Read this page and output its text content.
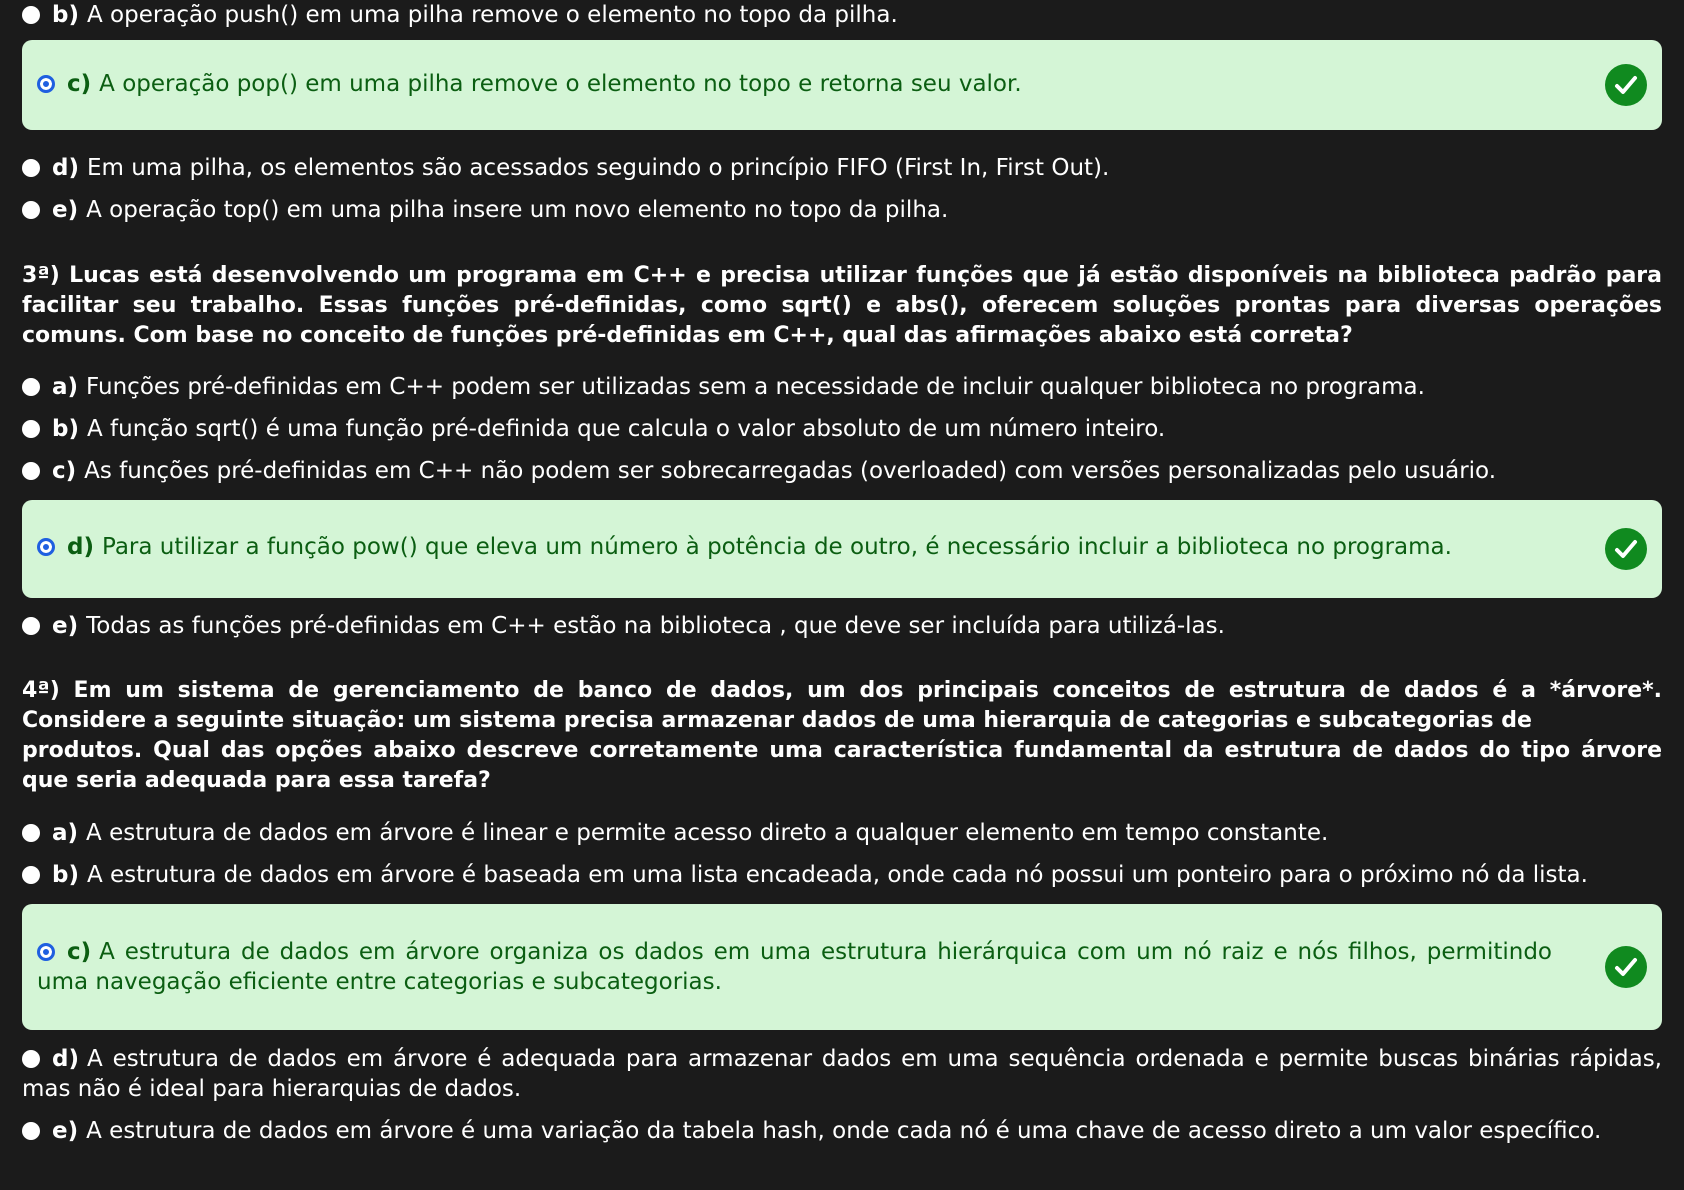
b) A operação push() em uma pilha remove o elemento no topo da pilha.
c) A operação pop() em uma pilha remove o elemento no topo e retorna seu valor.
d) Em uma pilha, os elementos são acessados seguindo o princípio FIFO (First In, First Out).
e) A operação top() em uma pilha insere um novo elemento no topo da pilha.
3ª) Lucas está desenvolvendo um programa em C++ e precisa utilizar funções que já estão disponíveis na biblioteca padrão para facilitar seu trabalho. Essas funções pré-definidas, como sqrt() e abs(), oferecem soluções prontas para diversas operações comuns. Com base no conceito de funções pré-definidas em C++, qual das afirmações abaixo está correta?
a) Funções pré-definidas em C++ podem ser utilizadas sem a necessidade de incluir qualquer biblioteca no programa.
b) A função sqrt() é uma função pré-definida que calcula o valor absoluto de um número inteiro.
c) As funções pré-definidas em C++ não podem ser sobrecarregadas (overloaded) com versões personalizadas pelo usuário.
d) Para utilizar a função pow() que eleva um número à potência de outro, é necessário incluir a biblioteca no programa.
e) Todas as funções pré-definidas em C++ estão na biblioteca , que deve ser incluída para utilizá-las.
4ª) Em um sistema de gerenciamento de banco de dados, um dos principais conceitos de estrutura de dados é a *árvore*. Considere a seguinte situação: um sistema precisa armazenar dados de uma hierarquia de categorias e subcategorias de
produtos. Qual das opções abaixo descreve corretamente uma característica fundamental da estrutura de dados do tipo árvore que seria adequada para essa tarefa?
a) A estrutura de dados em árvore é linear e permite acesso direto a qualquer elemento em tempo constante.
b) A estrutura de dados em árvore é baseada em uma lista encadeada, onde cada nó possui um ponteiro para o próximo nó da lista.
c) A estrutura de dados em árvore organiza os dados em uma estrutura hierárquica com um nó raiz e nós filhos, permitindo uma navegação eficiente entre categorias e subcategorias.
d) A estrutura de dados em árvore é adequada para armazenar dados em uma sequência ordenada e permite buscas binárias rápidas, mas não é ideal para hierarquias de dados.
e) A estrutura de dados em árvore é uma variação da tabela hash, onde cada nó é uma chave de acesso direto a um valor específico.
